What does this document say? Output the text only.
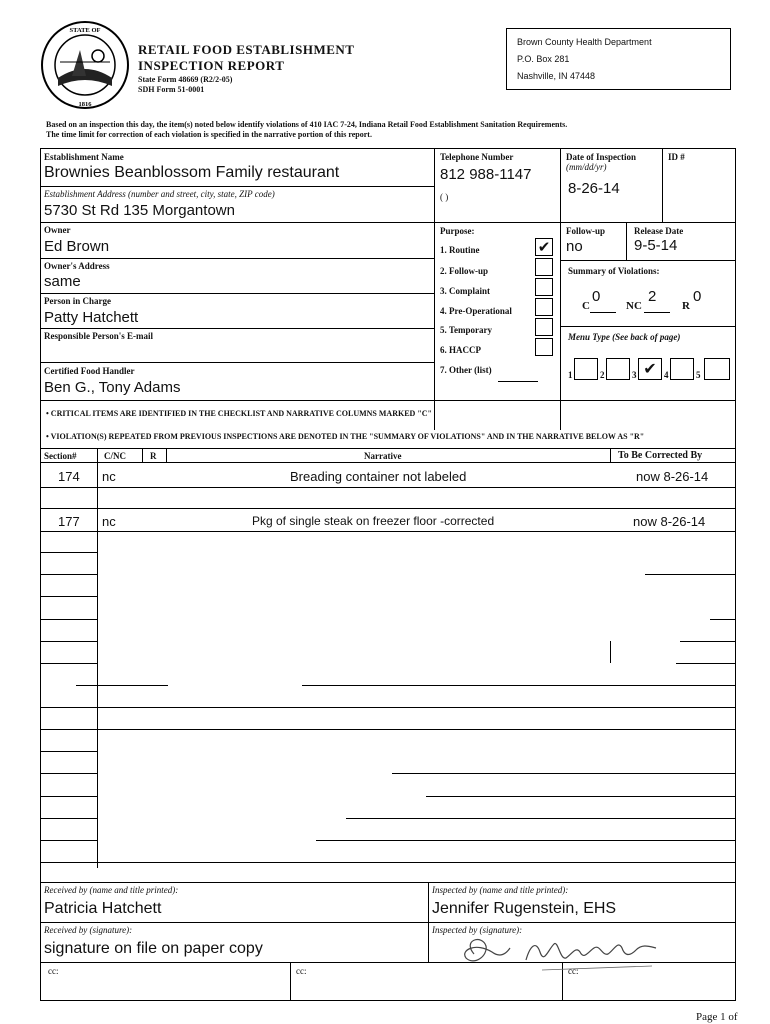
STATE OF
1816
RETAIL FOOD ESTABLISHMENT
INSPECTION REPORT
State Form 48669 (R2/2-05)
SDH Form 51-0001
Brown County Health Department
P.O. Box 281
Nashville, IN 47448
Based on an inspection this day, the item(s) noted below identify violations of 410 IAC 7-24, Indiana Retail Food Establishment Sanitation Requirements.
The time limit for correction of each violation is specified in the narrative portion of this report.
Establishment Name
Brownies Beanblossom Family restaurant
Establishment Address (number and street, city, state, ZIP code)
5730 St Rd 135 Morgantown
Owner
Ed Brown
Owner's Address
same
Person in Charge
Patty Hatchett
Responsible Person's E-mail
Certified Food Handler
Ben G., Tony Adams
Telephone Number
812 988-1147
( )
Date of Inspection
(mm/dd/yr)
8-26-14
ID #
Purpose:
1. Routine	✔
2. Follow-up
3. Complaint
4. Pre-Operational
5. Temporary
6. HACCP
7. Other (list)
Follow-up
no
Release Date
9-5-14
Summary of Violations:
C
0
NC
2
R
0
Menu Type (See back of page)
1	2	3 ✔ 4	5
• CRITICAL ITEMS ARE IDENTIFIED IN THE CHECKLIST AND NARRATIVE COLUMNS MARKED "C"
• VIOLATION(S) REPEATED FROM PREVIOUS INSPECTIONS ARE DENOTED IN THE "SUMMARY OF VIOLATIONS" AND IN THE NARRATIVE BELOW AS "R"
Section#	C/NC	R	Narrative	To Be Corrected By
174 nc	Breading container not labeled	now 8-26-14
177 nc	Pkg of single steak on freezer floor -corrected	now 8-26-14
Received by (name and title printed):
Patricia Hatchett
Inspected by (name and title printed):
Jennifer Rugenstein, EHS
Received by (signature):
signature on file on paper copy
Inspected by (signature):
cc:	cc:	cc:
Page 1 of
